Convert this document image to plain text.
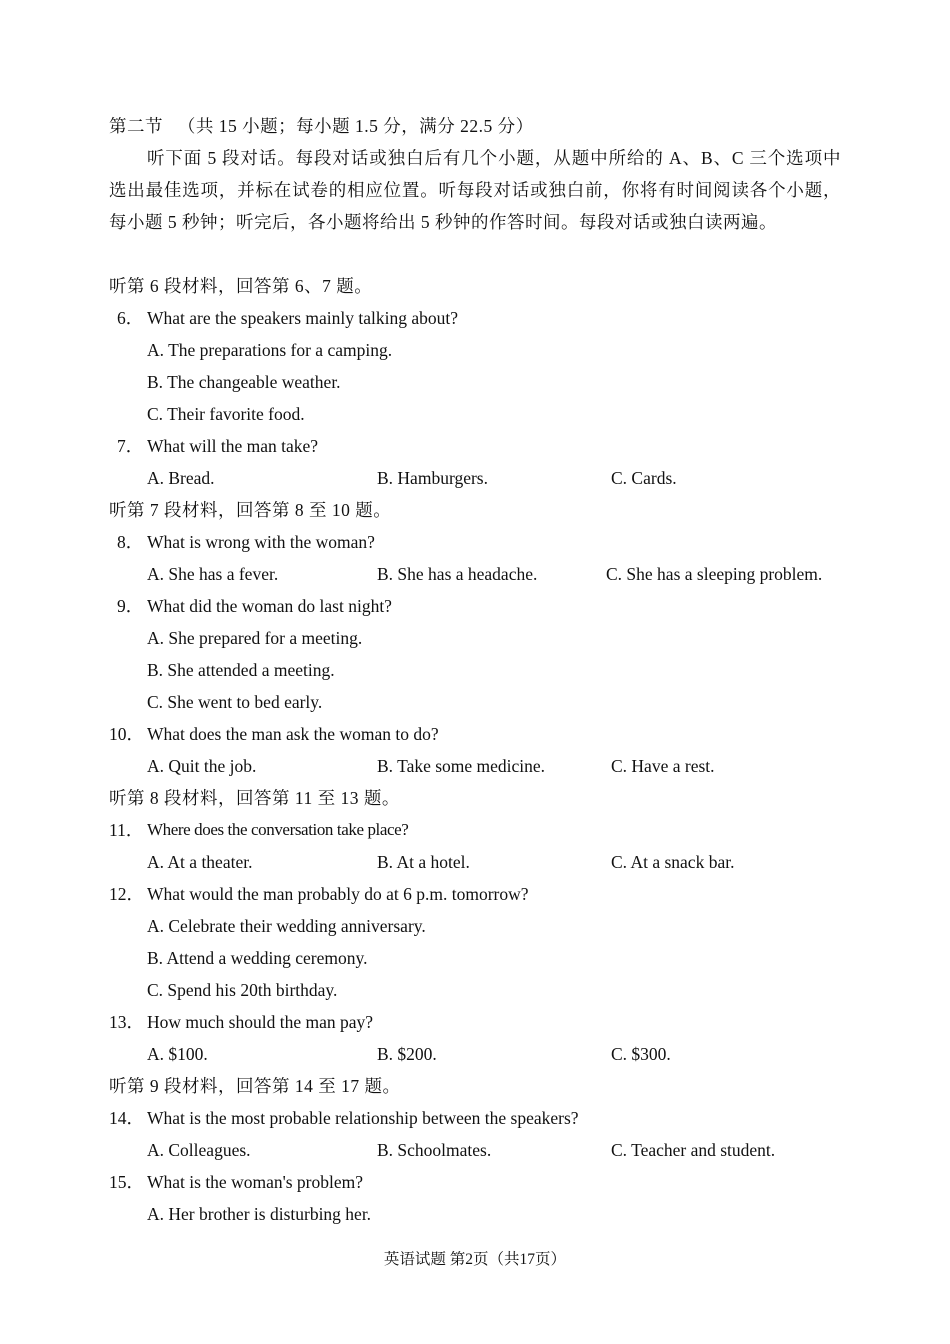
第二节 （共 15 小题；每小题 1.5 分，满分 22.5 分）

听下面 5 段对话。每段对话或独白后有几个小题，从题中所给的 A、B、C 三个选项中选出最佳选项，并标在试卷的相应位置。听每段对话或独白前，你将有时间阅读各个小题，每小题 5 秒钟；听完后，各小题将给出 5 秒钟的作答时间。每段对话或独白读两遍。

听第 6 段材料，回答第 6、7 题。
6． What are the speakers mainly talking about?
A. The preparations for a camping.
B. The changeable weather.
C. Their favorite food.
7． What will the man take?
A. Bread.	B. Hamburgers.	C. Cards.
听第 7 段材料，回答第 8 至 10 题。
8． What is wrong with the woman?
A. She has a fever.	B. She has a headache.	C. She has a sleeping problem.
9． What did the woman do last night?
A. She prepared for a meeting.
B. She attended a meeting.
C. She went to bed early.
10． What does the man ask the woman to do?
A. Quit the job.	B. Take some medicine.	C. Have a rest.
听第 8 段材料，回答第 11 至 13 题。
11． Where does the conversation take place?
A. At a theater.	B. At a hotel.	C. At a snack bar.
12． What would the man probably do at 6 p.m. tomorrow?
A. Celebrate their wedding anniversary.
B. Attend a wedding ceremony.
C. Spend his 20th birthday.
13． How much should the man pay?
A. $100.	B. $200.	C. $300.
听第 9 段材料，回答第 14 至 17 题。
14． What is the most probable relationship between the speakers?
A. Colleagues.	B. Schoolmates.	C. Teacher and student.
15． What is the woman's problem?
A. Her brother is disturbing her.
英语试题 第2页（共17页）
